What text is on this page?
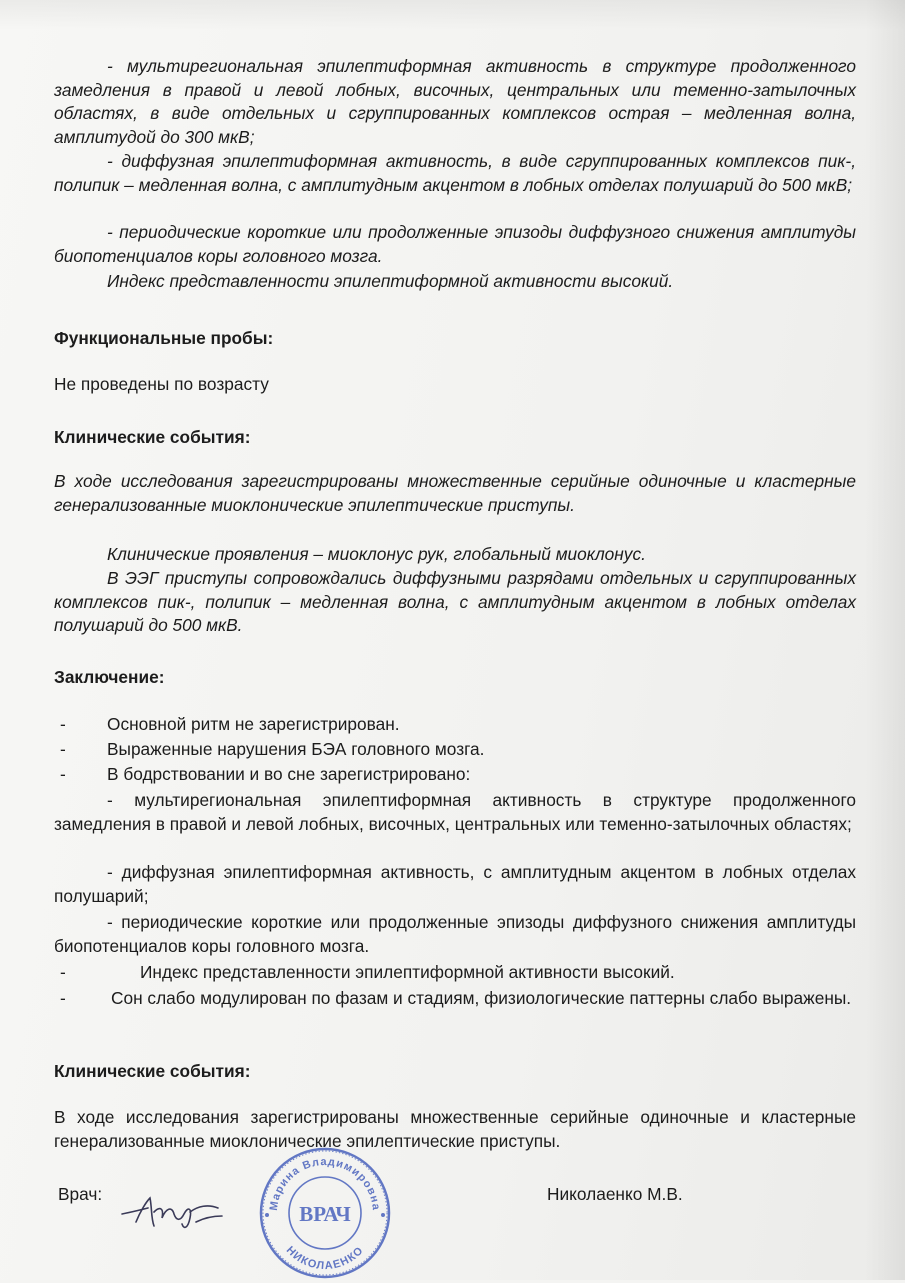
- мультирегиональная эпилептиформная активность в структуре продолженного замедления в правой и левой лобных, височных, центральных или теменно-затылочных областях, в виде отдельных и сгруппированных комплексов острая – медленная волна, амплитудой до 300 мкВ;

- диффузная эпилептиформная активность, в виде сгруппированных комплексов пик-, полипик – медленная волна, с амплитудным акцентом в лобных отделах полушарий до 500 мкВ;

- периодические короткие или продолженные эпизоды диффузного снижения амплитуды биопотенциалов коры головного мозга.

Индекс представленности эпилептиформной активности высокий.

Функциональные пробы:

Не проведены по возрасту

Клинические события:

В ходе исследования зарегистрированы множественные серийные одиночные и кластерные генерализованные миоклонические эпилептические приступы.

Клинические проявления – миоклонус рук, глобальный миоклонус.

В ЭЭГ приступы сопровождались диффузными разрядами отдельных и сгруппированных комплексов пик-, полипик – медленная волна, с амплитудным акцентом в лобных отделах полушарий до 500 мкВ.

Заключение:

-	Основной ритм не зарегистрирован.
-	Выраженные нарушения БЭА головного мозга.
-	В бодрствовании и во сне зарегистрировано:

- мультирегиональная эпилептиформная активность в структуре продолженного замедления в правой и левой лобных, височных, центральных или теменно-затылочных областях;

- диффузная эпилептиформная активность, с амплитудным акцентом в лобных отделах полушарий;

- периодические короткие или продолженные эпизоды диффузного снижения амплитуды биопотенциалов коры головного мозга.

-	Индекс представленности эпилептиформной активности высокий.
-	Сон слабо модулирован по фазам и стадиям, физиологические паттерны слабо выражены.

Клинические события:

В ходе исследования зарегистрированы множественные серийные одиночные и кластерные генерализованные миоклонические эпилептические приступы.

Врач:
Марина Владимировна
НИКОЛАЕНКО
ВРАЧ
Николаенко М.В.
